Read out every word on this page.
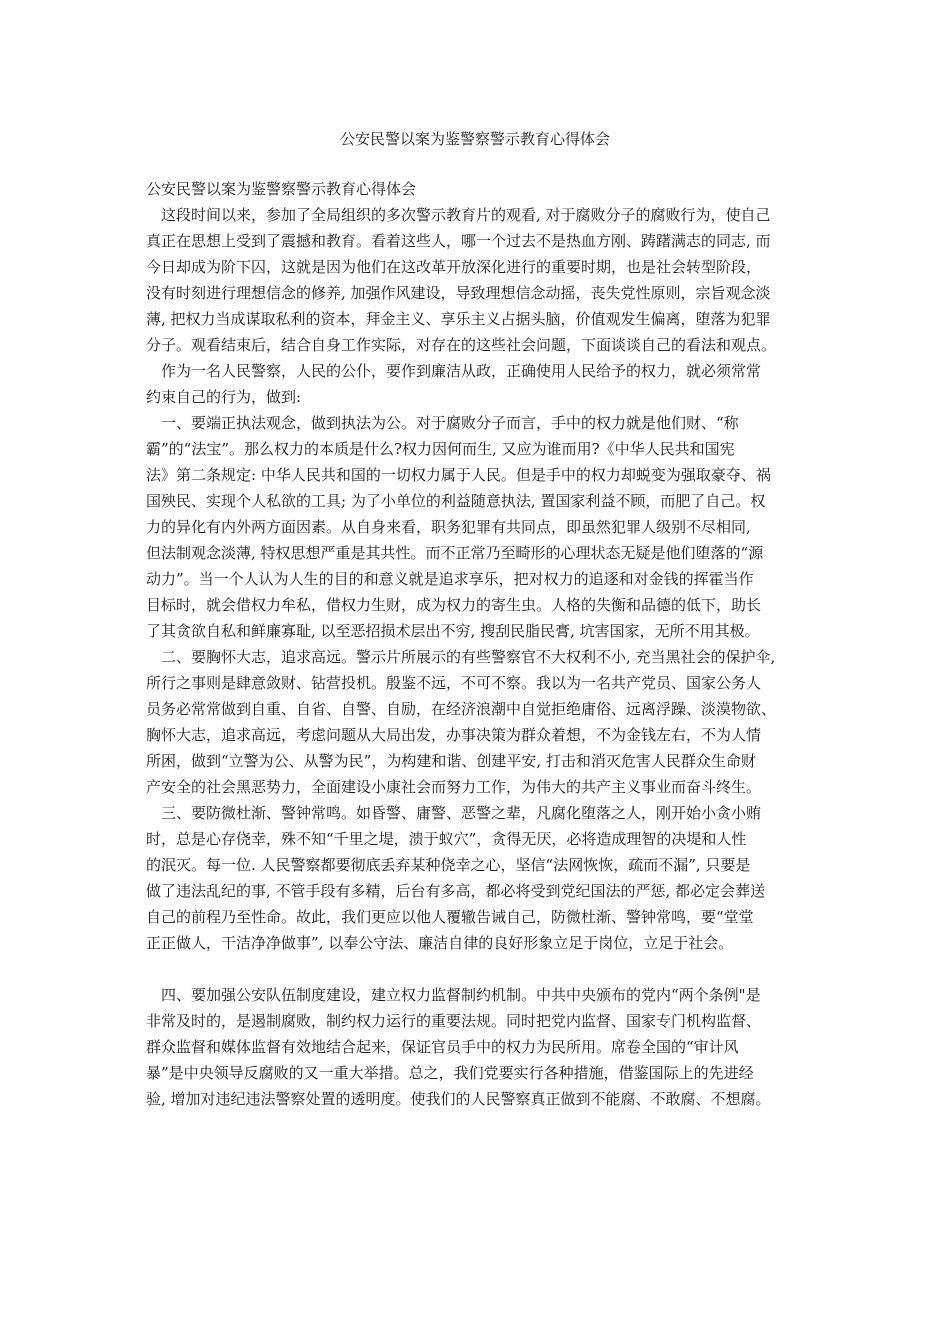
公安民警以案为鉴警察警示教育心得体会
公安民警以案为鉴警察警示教育心得体会
　这段时间以来，参加了全局组织的多次警示教育片的观看, 对于腐败分子的腐败行为，使自己
真正在思想上受到了震撼和教育。看着这些人，哪一个过去不是热血方刚、踌躇满志的同志, 而
今日却成为阶下囚，这就是因为他们在这改革开放深化进行的重要时期，也是社会转型阶段，
没有时刻进行理想信念的修养, 加强作风建设，导致理想信念动摇，丧失党性原则，宗旨观念淡
薄, 把权力当成谋取私利的资本，拜金主义、享乐主义占据头脑，价值观发生偏离，堕落为犯罪
分子。观看结束后，结合自身工作实际，对存在的这些社会问题，下面谈谈自己的看法和观点。
　作为一名人民警察，人民的公仆，要作到廉洁从政，正确使用人民给予的权力，就必须常常
约束自己的行为，做到:
　一、要端正执法观念，做到执法为公。对于腐败分子而言，手中的权力就是他们财、“称
霸”的“法宝”。那么权力的本质是什么?权力因何而生, 又应为谁而用?《中华人民共和国宪
法》第二条规定: 中华人民共和国的一切权力属于人民。但是手中的权力却蜕变为强取豪夺、祸
国殃民、实现个人私欲的工具; 为了小单位的利益随意执法, 置国家利益不顾，而肥了自己。权
力的异化有内外两方面因素。从自身来看，职务犯罪有共同点，即虽然犯罪人级别不尽相同,
但法制观念淡薄, 特权思想严重是其共性。而不正常乃至畸形的心理状态无疑是他们堕落的“源
动力”。当一个人认为人生的目的和意义就是追求享乐，把对权力的追逐和对金钱的挥霍当作
目标时，就会借权力牟私，借权力生财，成为权力的寄生虫。人格的失衡和品德的低下，助长
了其贪欲自私和鲜廉寡耻, 以至恶招损术层出不穷, 搜刮民脂民膏, 坑害国家，无所不用其极。
　二、要胸怀大志，追求高远。警示片所展示的有些警察官不大权利不小, 充当黑社会的保护伞,
所行之事则是肆意敛财、钻营投机。殷鉴不远，不可不察。我以为一名共产党员、国家公务人
员务必常常做到自重、自省、自警、自励，在经济浪潮中自觉拒绝庸俗、远离浮躁、淡漠物欲、
胸怀大志，追求高远，考虑问题从大局出发，办事决策为群众着想，不为金钱左右，不为人情
所困，做到“立警为公、从警为民”，为构建和谐、创建平安, 打击和消灭危害人民群众生命财
产安全的社会黑恶势力，全面建设小康社会而努力工作，为伟大的共产主义事业而奋斗终生。
　三、要防微杜渐、警钟常鸣。如昏警、庸警、恶警之辈，凡腐化堕落之人，刚开始小贪小贿
时，总是心存侥幸，殊不知“千里之堤，溃于蚁穴”，贪得无厌，必将造成理智的决堤和人性
的泯灭。每一位. 人民警察都要彻底丢弃某种侥幸之心，坚信“法网恢恢，疏而不漏”, 只要是
做了违法乱纪的事, 不管手段有多精，后台有多高，都必将受到党纪国法的严惩, 都必定会葬送
自己的前程乃至性命。故此，我们更应以他人覆辙告诫自己，防微杜渐、警钟常鸣，要“堂堂
正正做人，干洁净净做事”, 以奉公守法、廉洁自律的良好形象立足于岗位，立足于社会。
　四、要加强公安队伍制度建设，建立权力监督制约机制。中共中央颁布的党内“两个条例"是
非常及时的，是遏制腐败，制约权力运行的重要法规。同时把党内监督、国家专门机构监督、
群众监督和媒体监督有效地结合起来，保证官员手中的权力为民所用。席卷全国的“审计风
暴”是中央领导反腐败的又一重大举措。总之，我们党要实行各种措施，借鉴国际上的先进经
验, 增加对违纪违法警察处置的透明度。使我们的人民警察真正做到不能腐、不敢腐、不想腐。
